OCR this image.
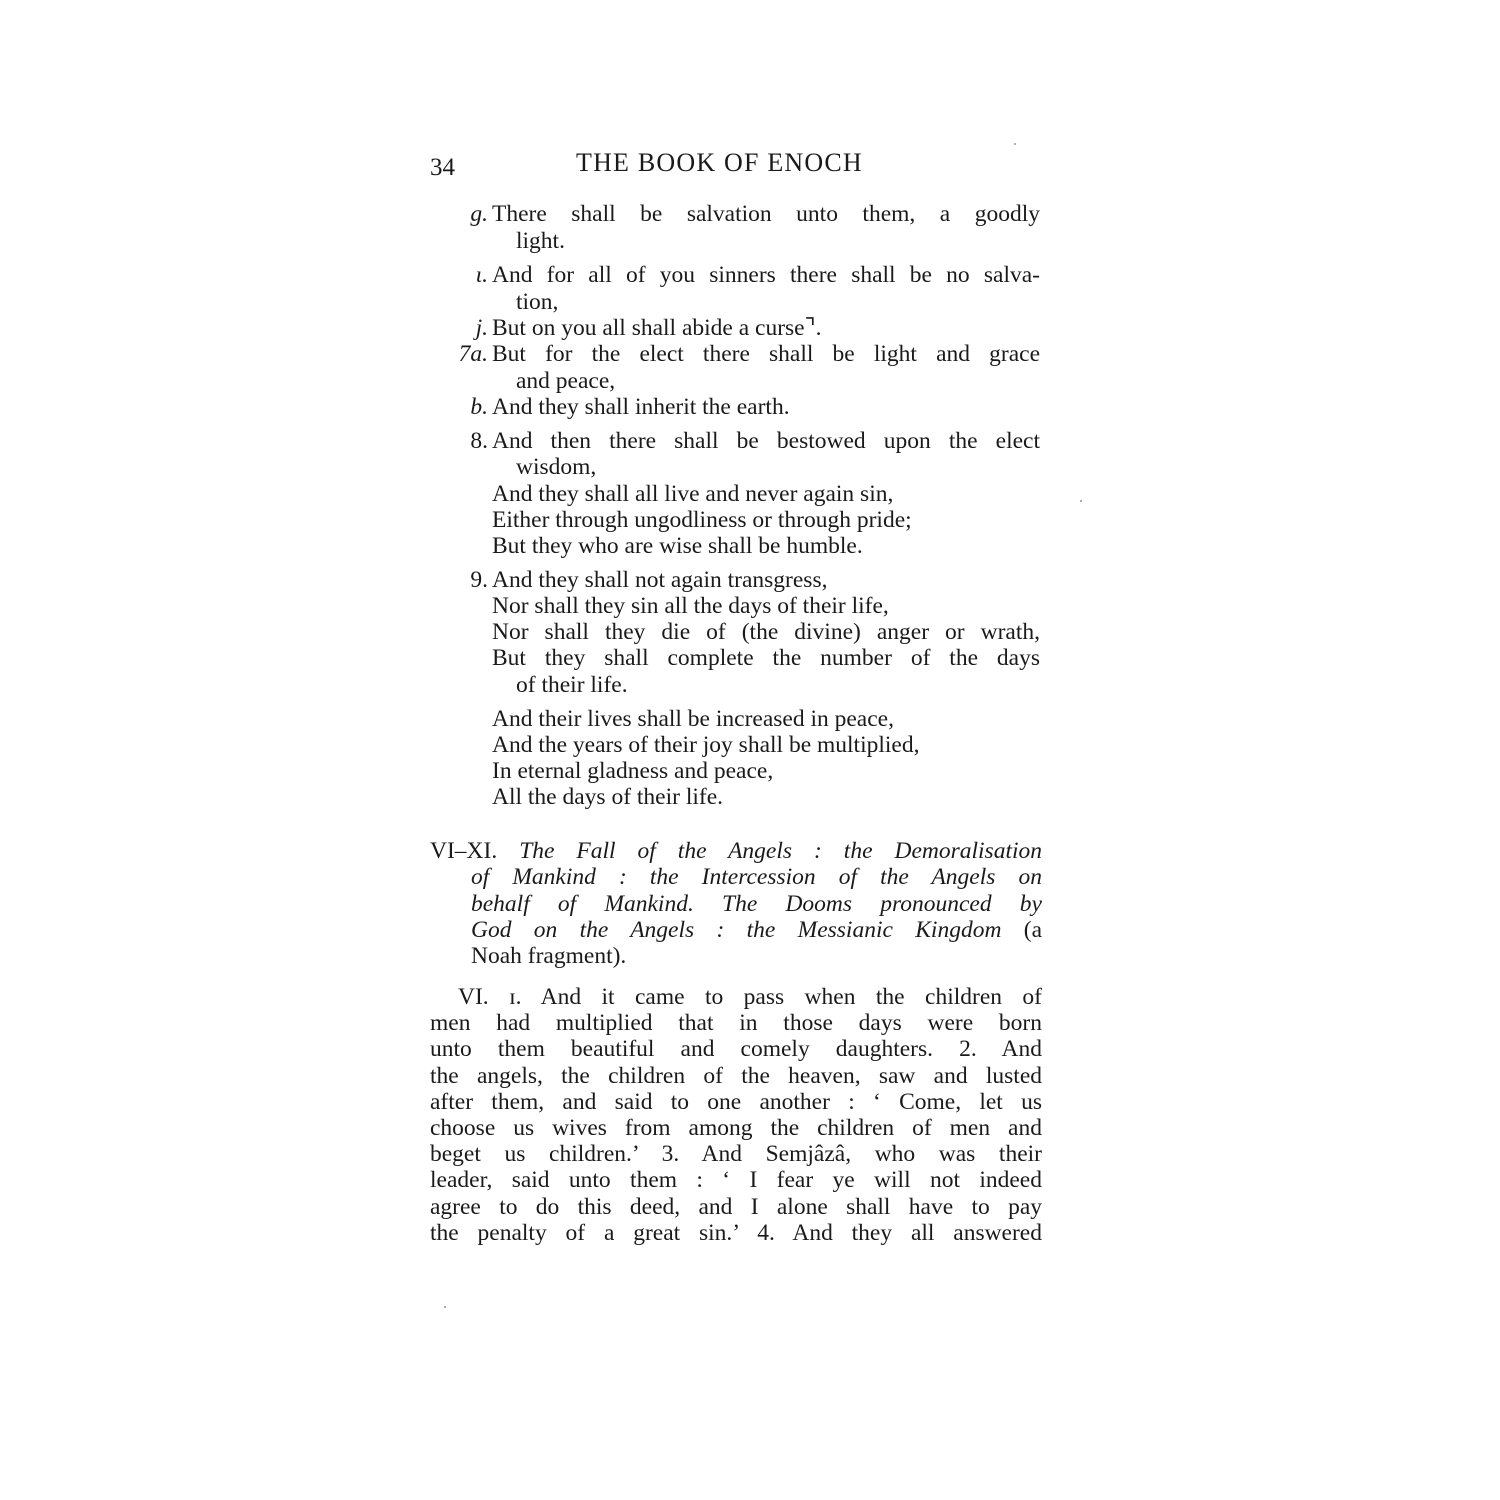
34	THE BOOK OF ENOCH
g. There shall be salvation unto them, a goodly
light.
ɩ. And for all of you sinners there shall be no salva-
tion,
j. But on you all shall abide a curse⌝.
7a. But for the elect there shall be light and grace
and peace,
b. And they shall inherit the earth.
8. And then there shall be bestowed upon the elect
wisdom,
And they shall all live and never again sin,
Either through ungodliness or through pride;
But they who are wise shall be humble.
9. And they shall not again transgress,
Nor shall they sin all the days of their life,
Nor shall they die of (the divine) anger or wrath,
But they shall complete the number of the days
of their life.
And their lives shall be increased in peace,
And the years of their joy shall be multiplied,
In eternal gladness and peace,
All the days of their life.
VI–XI. The Fall of the Angels : the Demoralisation
of Mankind : the Intercession of the Angels on
behalf of Mankind. The Dooms pronounced by
God on the Angels : the Messianic Kingdom (a
Noah fragment).
VI. ɪ. And it came to pass when the children of
men had multiplied that in those days were born
unto them beautiful and comely daughters. 2. And
the angels, the children of the heaven, saw and lusted
after them, and said to one another : ‘ Come, let us
choose us wives from among the children of men and
beget us children.’ 3. And Semjâzâ, who was their
leader, said unto them : ‘ I fear ye will not indeed
agree to do this deed, and I alone shall have to pay
the penalty of a great sin.’ 4. And they all answered
